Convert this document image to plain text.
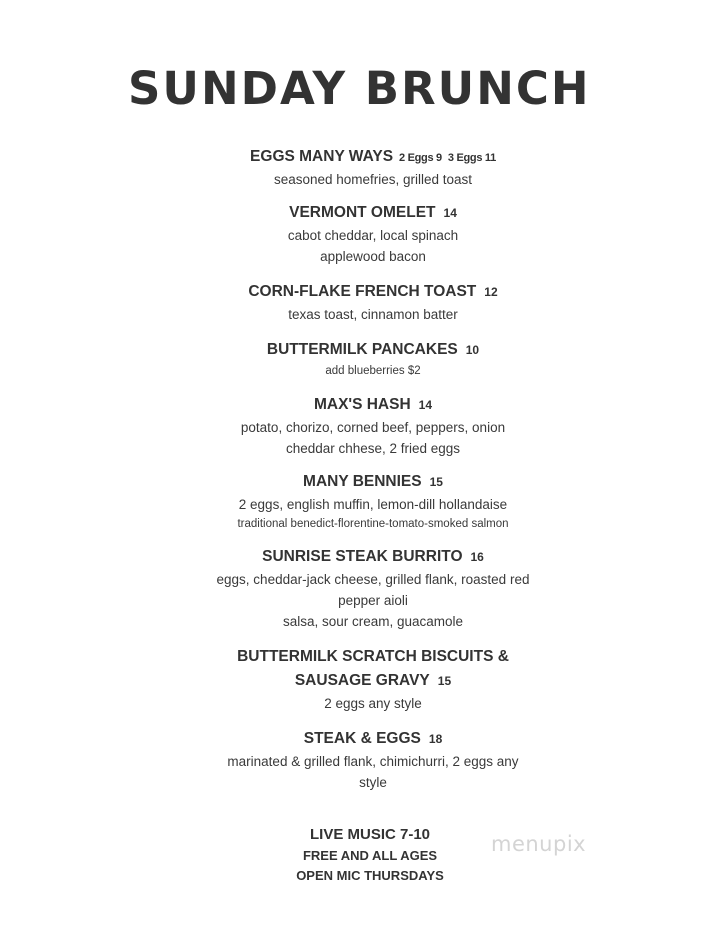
SUNDAY BRUNCH
EGGS MANY WAYS 2 Eggs 9 3 Eggs 11
seasoned homefries, grilled toast
VERMONT OMELET 14
cabot cheddar, local spinach
applewood bacon
CORN-FLAKE FRENCH TOAST 12
texas toast, cinnamon batter
BUTTERMILK PANCAKES 10
add blueberries $2
MAX'S HASH 14
potato, chorizo, corned beef, peppers, onion
cheddar chhese, 2 fried eggs
MANY BENNIES 15
2 eggs, english muffin, lemon-dill hollandaise
traditional benedict-florentine-tomato-smoked salmon
SUNRISE STEAK BURRITO 16
eggs, cheddar-jack cheese, grilled flank, roasted red
pepper aioli
salsa, sour cream, guacamole
BUTTERMILK SCRATCH BISCUITS &
SAUSAGE GRAVY 15
2 eggs any style
STEAK & EGGS 18
marinated & grilled flank, chimichurri, 2 eggs any
style
LIVE MUSIC 7-10
FREE AND ALL AGES
OPEN MIC THURSDAYS
menupix
